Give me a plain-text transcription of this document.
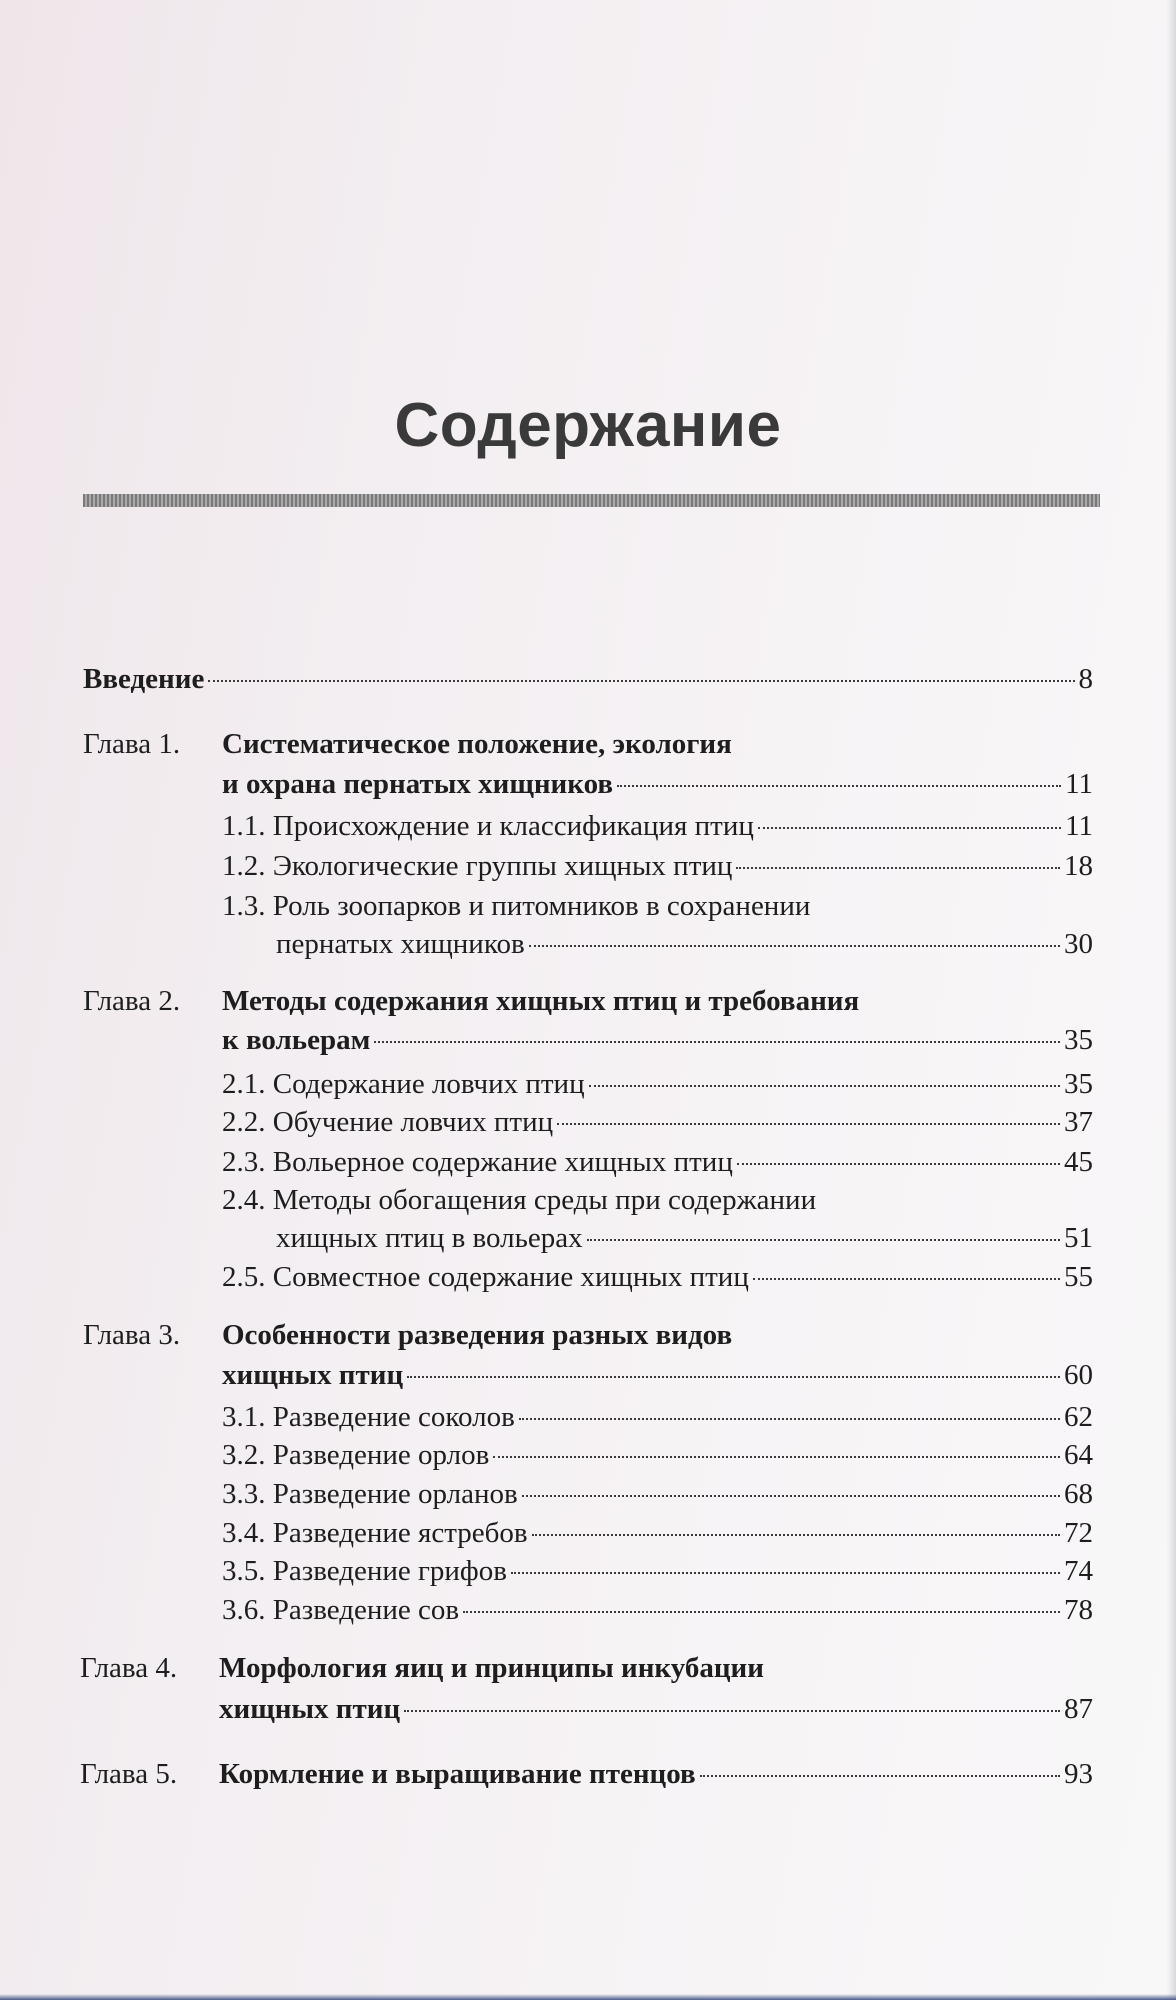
Содержание
Введение	8
Глава 1. Систематическое положение, экология
и охрана пернатых хищников	11
1.1. Происхождение и классификация птиц	11
1.2. Экологические группы хищных птиц	18
1.3. Роль зоопарков и питомников в сохранении
пернатых хищников	30
Глава 2. Методы содержания хищных птиц и требования
к вольерам	35
2.1. Содержание ловчих птиц	35
2.2. Обучение ловчих птиц	37
2.3. Вольерное содержание хищных птиц	45
2.4. Методы обогащения среды при содержании
хищных птиц в вольерах	51
2.5. Совместное содержание хищных птиц	55
Глава 3. Особенности разведения разных видов
хищных птиц	60
3.1. Разведение соколов	62
3.2. Разведение орлов	64
3.3. Разведение орланов	68
3.4. Разведение ястребов	72
3.5. Разведение грифов	74
3.6. Разведение сов	78
Глава 4. Морфология яиц и принципы инкубации
хищных птиц	87
Глава 5.	Кормление и выращивание птенцов	93
